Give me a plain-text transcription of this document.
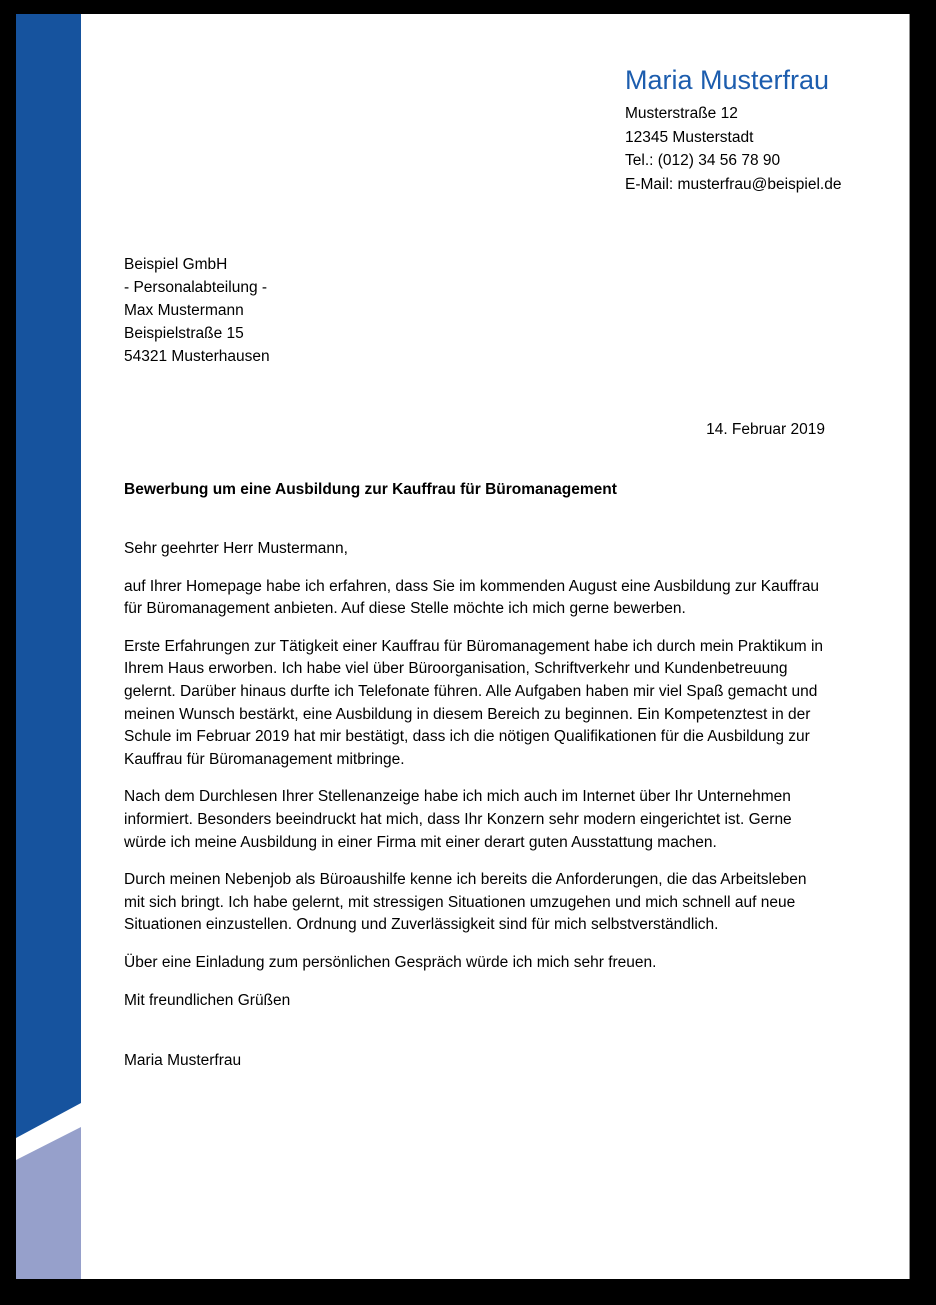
Maria Musterfrau
Musterstraße 12
12345 Musterstadt
Tel.: (012) 34 56 78 90
E-Mail: musterfrau@beispiel.de
Beispiel GmbH
- Personalabteilung -
Max Mustermann
Beispielstraße 15
54321 Musterhausen
14. Februar 2019
Bewerbung um eine Ausbildung zur Kauffrau für Büromanagement

Sehr geehrter Herr Mustermann,

auf Ihrer Homepage habe ich erfahren, dass Sie im kommenden August eine Ausbildung zur Kauffrau für Büromanagement anbieten. Auf diese Stelle möchte ich mich gerne bewerben.

Erste Erfahrungen zur Tätigkeit einer Kauffrau für Büromanagement habe ich durch mein Praktikum in Ihrem Haus erworben. Ich habe viel über Büroorganisation, Schriftverkehr und Kundenbetreuung gelernt. Darüber hinaus durfte ich Telefonate führen. Alle Aufgaben haben mir viel Spaß gemacht und meinen Wunsch bestärkt, eine Ausbildung in diesem Bereich zu beginnen. Ein Kompetenztest in der Schule im Februar 2019 hat mir bestätigt, dass ich die nötigen Qualifikationen für die Ausbildung zur Kauffrau für Büromanagement mitbringe.

Nach dem Durchlesen Ihrer Stellenanzeige habe ich mich auch im Internet über Ihr Unternehmen informiert. Besonders beeindruckt hat mich, dass Ihr Konzern sehr modern eingerichtet ist. Gerne würde ich meine Ausbildung in einer Firma mit einer derart guten Ausstattung machen.

Durch meinen Nebenjob als Büroaushilfe kenne ich bereits die Anforderungen, die das Arbeitsleben mit sich bringt. Ich habe gelernt, mit stressigen Situationen umzugehen und mich schnell auf neue Situationen einzustellen. Ordnung und Zuverlässigkeit sind für mich selbstverständlich.

Über eine Einladung zum persönlichen Gespräch würde ich mich sehr freuen.

Mit freundlichen Grüßen

Maria Musterfrau
